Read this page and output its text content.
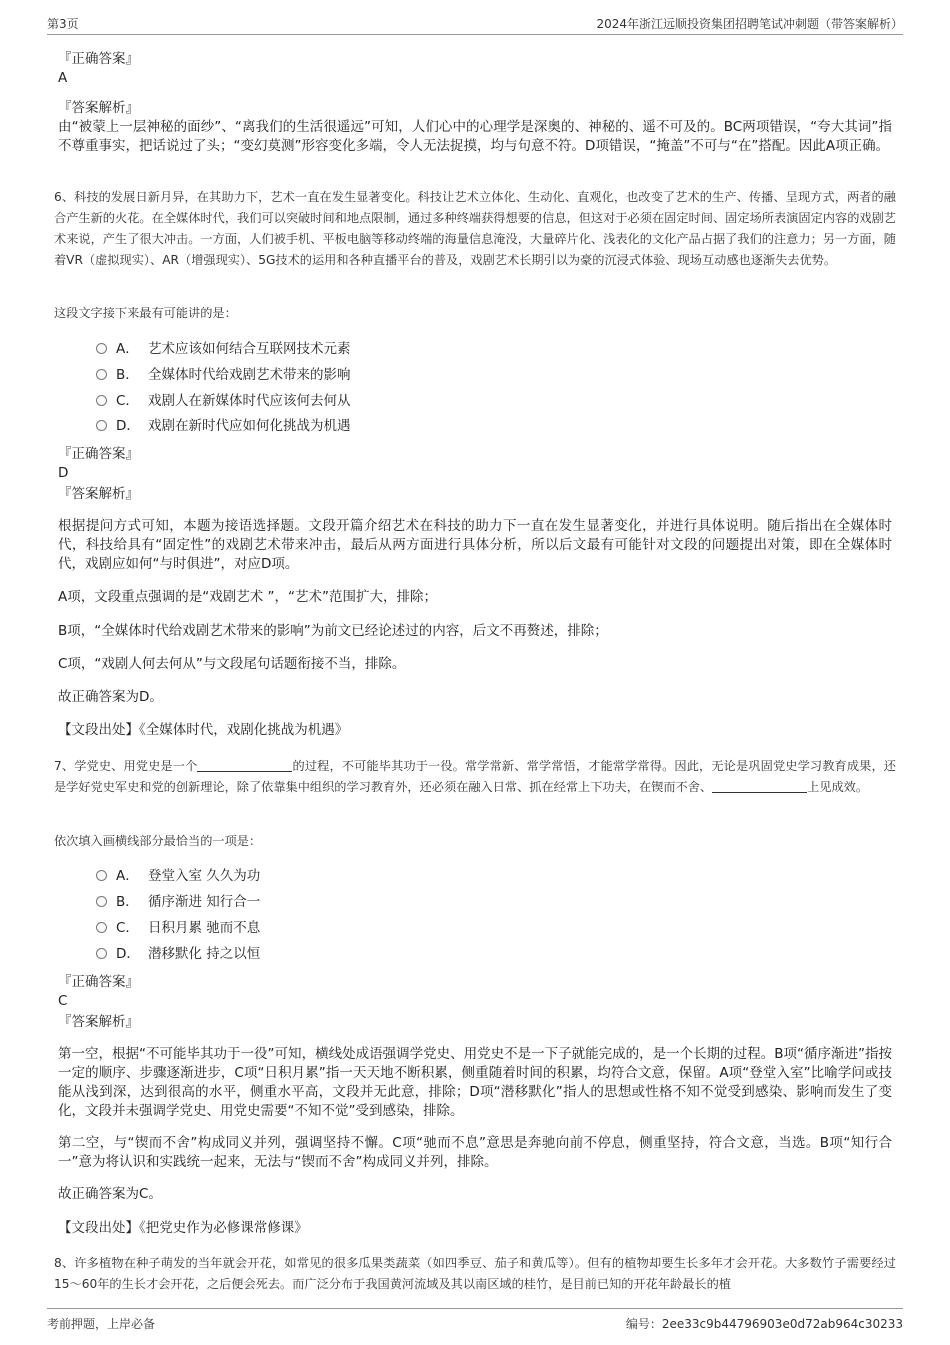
第3页	2024年浙江远顺投资集团招聘笔试冲刺题（带答案解析）
『正确答案』
A
『答案解析』
由“被蒙上一层神秘的面纱”、“离我们的生活很遥远”可知，人们心中的心理学是深奥的、神秘的、遥不可及的。BC两项错误，“夸大其词”指不尊重事实，把话说过了头；“变幻莫测”形容变化多端，令人无法捉摸，均与句意不符。D项错误，“掩盖”不可与“在”搭配。因此A项正确。
6、科技的发展日新月异，在其助力下，艺术一直在发生显著变化。科技让艺术立体化、生动化、直观化，也改变了艺术的生产、传播、呈现方式，两者的融合产生新的火花。在全媒体时代，我们可以突破时间和地点限制，通过多种终端获得想要的信息，但这对于必须在固定时间、固定场所表演固定内容的戏剧艺术来说，产生了很大冲击。一方面，人们被手机、平板电脑等移动终端的海量信息淹没，大量碎片化、浅表化的文化产品占据了我们的注意力；另一方面，随着VR（虚拟现实）、AR（增强现实）、5G技术的运用和各种直播平台的普及，戏剧艺术长期引以为豪的沉浸式体验、现场互动感也逐渐失去优势。
这段文字接下来最有可能讲的是：
A． 艺术应该如何结合互联网技术元素
B． 全媒体时代给戏剧艺术带来的影响
C． 戏剧人在新媒体时代应该何去何从
D． 戏剧在新时代应如何化挑战为机遇
『正确答案』
D
『答案解析』
根据提问方式可知，本题为接语选择题。文段开篇介绍艺术在科技的助力下一直在发生显著变化，并进行具体说明。随后指出在全媒体时代，科技给具有“固定性”的戏剧艺术带来冲击，最后从两方面进行具体分析，所以后文最有可能针对文段的问题提出对策，即在全媒体时代，戏剧应如何“与时俱进”，对应D项。
A项，文段重点强调的是“戏剧艺术 ”，“艺术”范围扩大，排除；
B项，“全媒体时代给戏剧艺术带来的影响”为前文已经论述过的内容，后文不再赘述，排除；
C项，“戏剧人何去何从”与文段尾句话题衔接不当，排除。
故正确答案为D。
【文段出处】《全媒体时代，戏剧化挑战为机遇》
7、学党史、用党史是一个	的过程，不可能毕其功于一役。常学常新、常学常悟，才能常学常得。因此，无论是巩固党史学习教育成果，还是学好党史军史和党的创新理论，除了依靠集中组织的学习教育外，还必须在融入日常、抓在经常上下功夫，在锲而不舍、	上见成效。
依次填入画横线部分最恰当的一项是：
A． 登堂入室 久久为功
B． 循序渐进 知行合一
C． 日积月累 驰而不息
D． 潜移默化 持之以恒
『正确答案』
C
『答案解析』
第一空，根据“不可能毕其功于一役”可知，横线处成语强调学党史、用党史不是一下子就能完成的，是一个长期的过程。B项“循序渐进”指按一定的顺序、步骤逐渐进步，C项“日积月累”指一天天地不断积累，侧重随着时间的积累，均符合文意，保留。A项“登堂入室”比喻学问或技能从浅到深，达到很高的水平，侧重水平高，文段并无此意，排除；D项“潜移默化”指人的思想或性格不知不觉受到感染、影响而发生了变化，文段并未强调学党史、用党史需要“不知不觉”受到感染，排除。
第二空，与“锲而不舍”构成同义并列，强调坚持不懈。C项“驰而不息”意思是奔驰向前不停息，侧重坚持，符合文意，当选。B项“知行合一”意为将认识和实践统一起来，无法与“锲而不舍”构成同义并列，排除。
故正确答案为C。
【文段出处】《把党史作为必修课常修课》
8、许多植物在种子萌发的当年就会开花，如常见的很多瓜果类蔬菜（如四季豆、茄子和黄瓜等）。但有的植物却要生长多年才会开花。大多数竹子需要经过15～60年的生长才会开花，之后便会死去。而广泛分布于我国黄河流域及其以南区域的桂竹，是目前已知的开花年龄最长的植
考前押题，上岸必备	编号：2ee33c9b44796903e0d72ab964c30233
